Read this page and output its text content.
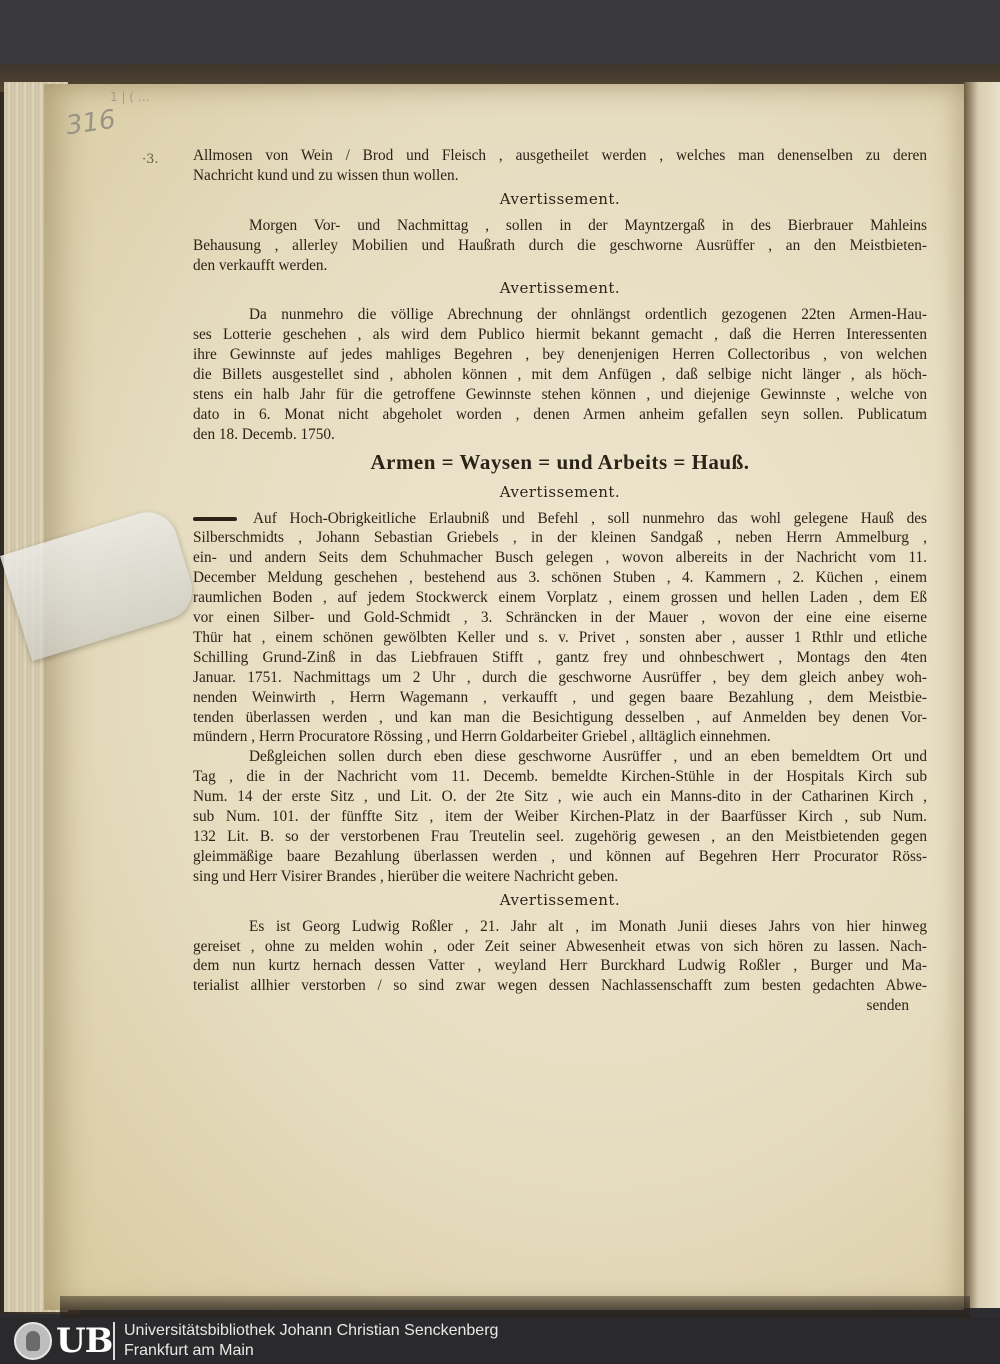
316
1 | ( …
·3. Allmosen von Wein / Brod und Fleisch , ausgetheilet werden , welches man denenselben zu deren
Nachricht kund und zu wissen thun wollen.
Avertissement.
Morgen Vor- und Nachmittag , sollen in der Mayntzergaß in des Bierbrauer Mahleins
Behausung , allerley Mobilien und Haußrath durch die geschworne Ausrüffer , an den Meistbieten-
den verkaufft werden.
Avertissement.
Da nunmehro die völlige Abrechnung der ohnlängst ordentlich gezogenen 22ten Armen-Hau-
ses Lotterie geschehen , als wird dem Publico hiermit bekannt gemacht , daß die Herren Interessenten
ihre Gewinnste auf jedes mahliges Begehren , bey denenjenigen Herren Collectoribus , von welchen
die Billets ausgestellet sind , abholen können , mit dem Anfügen , daß selbige nicht länger , als höch-
stens ein halb Jahr für die getroffene Gewinnste stehen können , und diejenige Gewinnste , welche von
dato in 6. Monat nicht abgeholet worden , denen Armen anheim gefallen seyn sollen. Publicatum
den 18. Decemb. 1750.
Armen = Waysen = und Arbeits = Hauß.
Avertissement.
Auf Hoch-Obrigkeitliche Erlaubniß und Befehl , soll nunmehro das wohl gelegene Hauß des
Silberschmidts , Johann Sebastian Griebels , in der kleinen Sandgaß , neben Herrn Ammelburg ,
ein- und andern Seits dem Schuhmacher Busch gelegen , wovon albereits in der Nachricht vom 11.
December Meldung geschehen , bestehend aus 3. schönen Stuben , 4. Kammern , 2. Küchen , einem
raumlichen Boden , auf jedem Stockwerck einem Vorplatz , einem grossen und hellen Laden , dem Eß
vor einen Silber- und Gold-Schmidt , 3. Schräncken in der Mauer , wovon der eine eine eiserne
Thür hat , einem schönen gewölbten Keller und s. v. Privet , sonsten aber , ausser 1 Rthlr und etliche
Schilling Grund-Zinß in das Liebfrauen Stifft , gantz frey und ohnbeschwert , Montags den 4ten
Januar. 1751. Nachmittags um 2 Uhr , durch die geschworne Ausrüffer , bey dem gleich anbey woh-
nenden Weinwirth , Herrn Wagemann , verkaufft , und gegen baare Bezahlung , dem Meistbie-
tenden überlassen werden , und kan man die Besichtigung desselben , auf Anmelden bey denen Vor-
mündern , Herrn Procuratore Rössing , und Herrn Goldarbeiter Griebel , alltäglich einnehmen.
Deßgleichen sollen durch eben diese geschworne Ausrüffer , und an eben bemeldtem Ort und
Tag , die in der Nachricht vom 11. Decemb. bemeldte Kirchen-Stühle in der Hospitals Kirch sub
Num. 14 der erste Sitz , und Lit. O. der 2te Sitz , wie auch ein Manns-dito in der Catharinen Kirch ,
sub Num. 101. der fünffte Sitz , item der Weiber Kirchen-Platz in der Baarfüsser Kirch , sub Num.
132 Lit. B. so der verstorbenen Frau Treutelin seel. zugehörig gewesen , an den Meistbietenden gegen
gleimmäßige baare Bezahlung überlassen werden , und können auf Begehren Herr Procurator Röss-
sing und Herr Visirer Brandes , hierüber die weitere Nachricht geben.
Avertissement.
Es ist Georg Ludwig Roßler , 21. Jahr alt , im Monath Junii dieses Jahrs von hier hinweg
gereiset , ohne zu melden wohin , oder Zeit seiner Abwesenheit etwas von sich hören zu lassen. Nach-
dem nun kurtz hernach dessen Vatter , weyland Herr Burckhard Ludwig Roßler , Burger und Ma-
terialist allhier verstorben / so sind zwar wegen dessen Nachlassenschafft zum besten gedachten Abwe-
senden
UB Universitätsbibliothek Johann Christian Senckenberg
Frankfurt am Main
